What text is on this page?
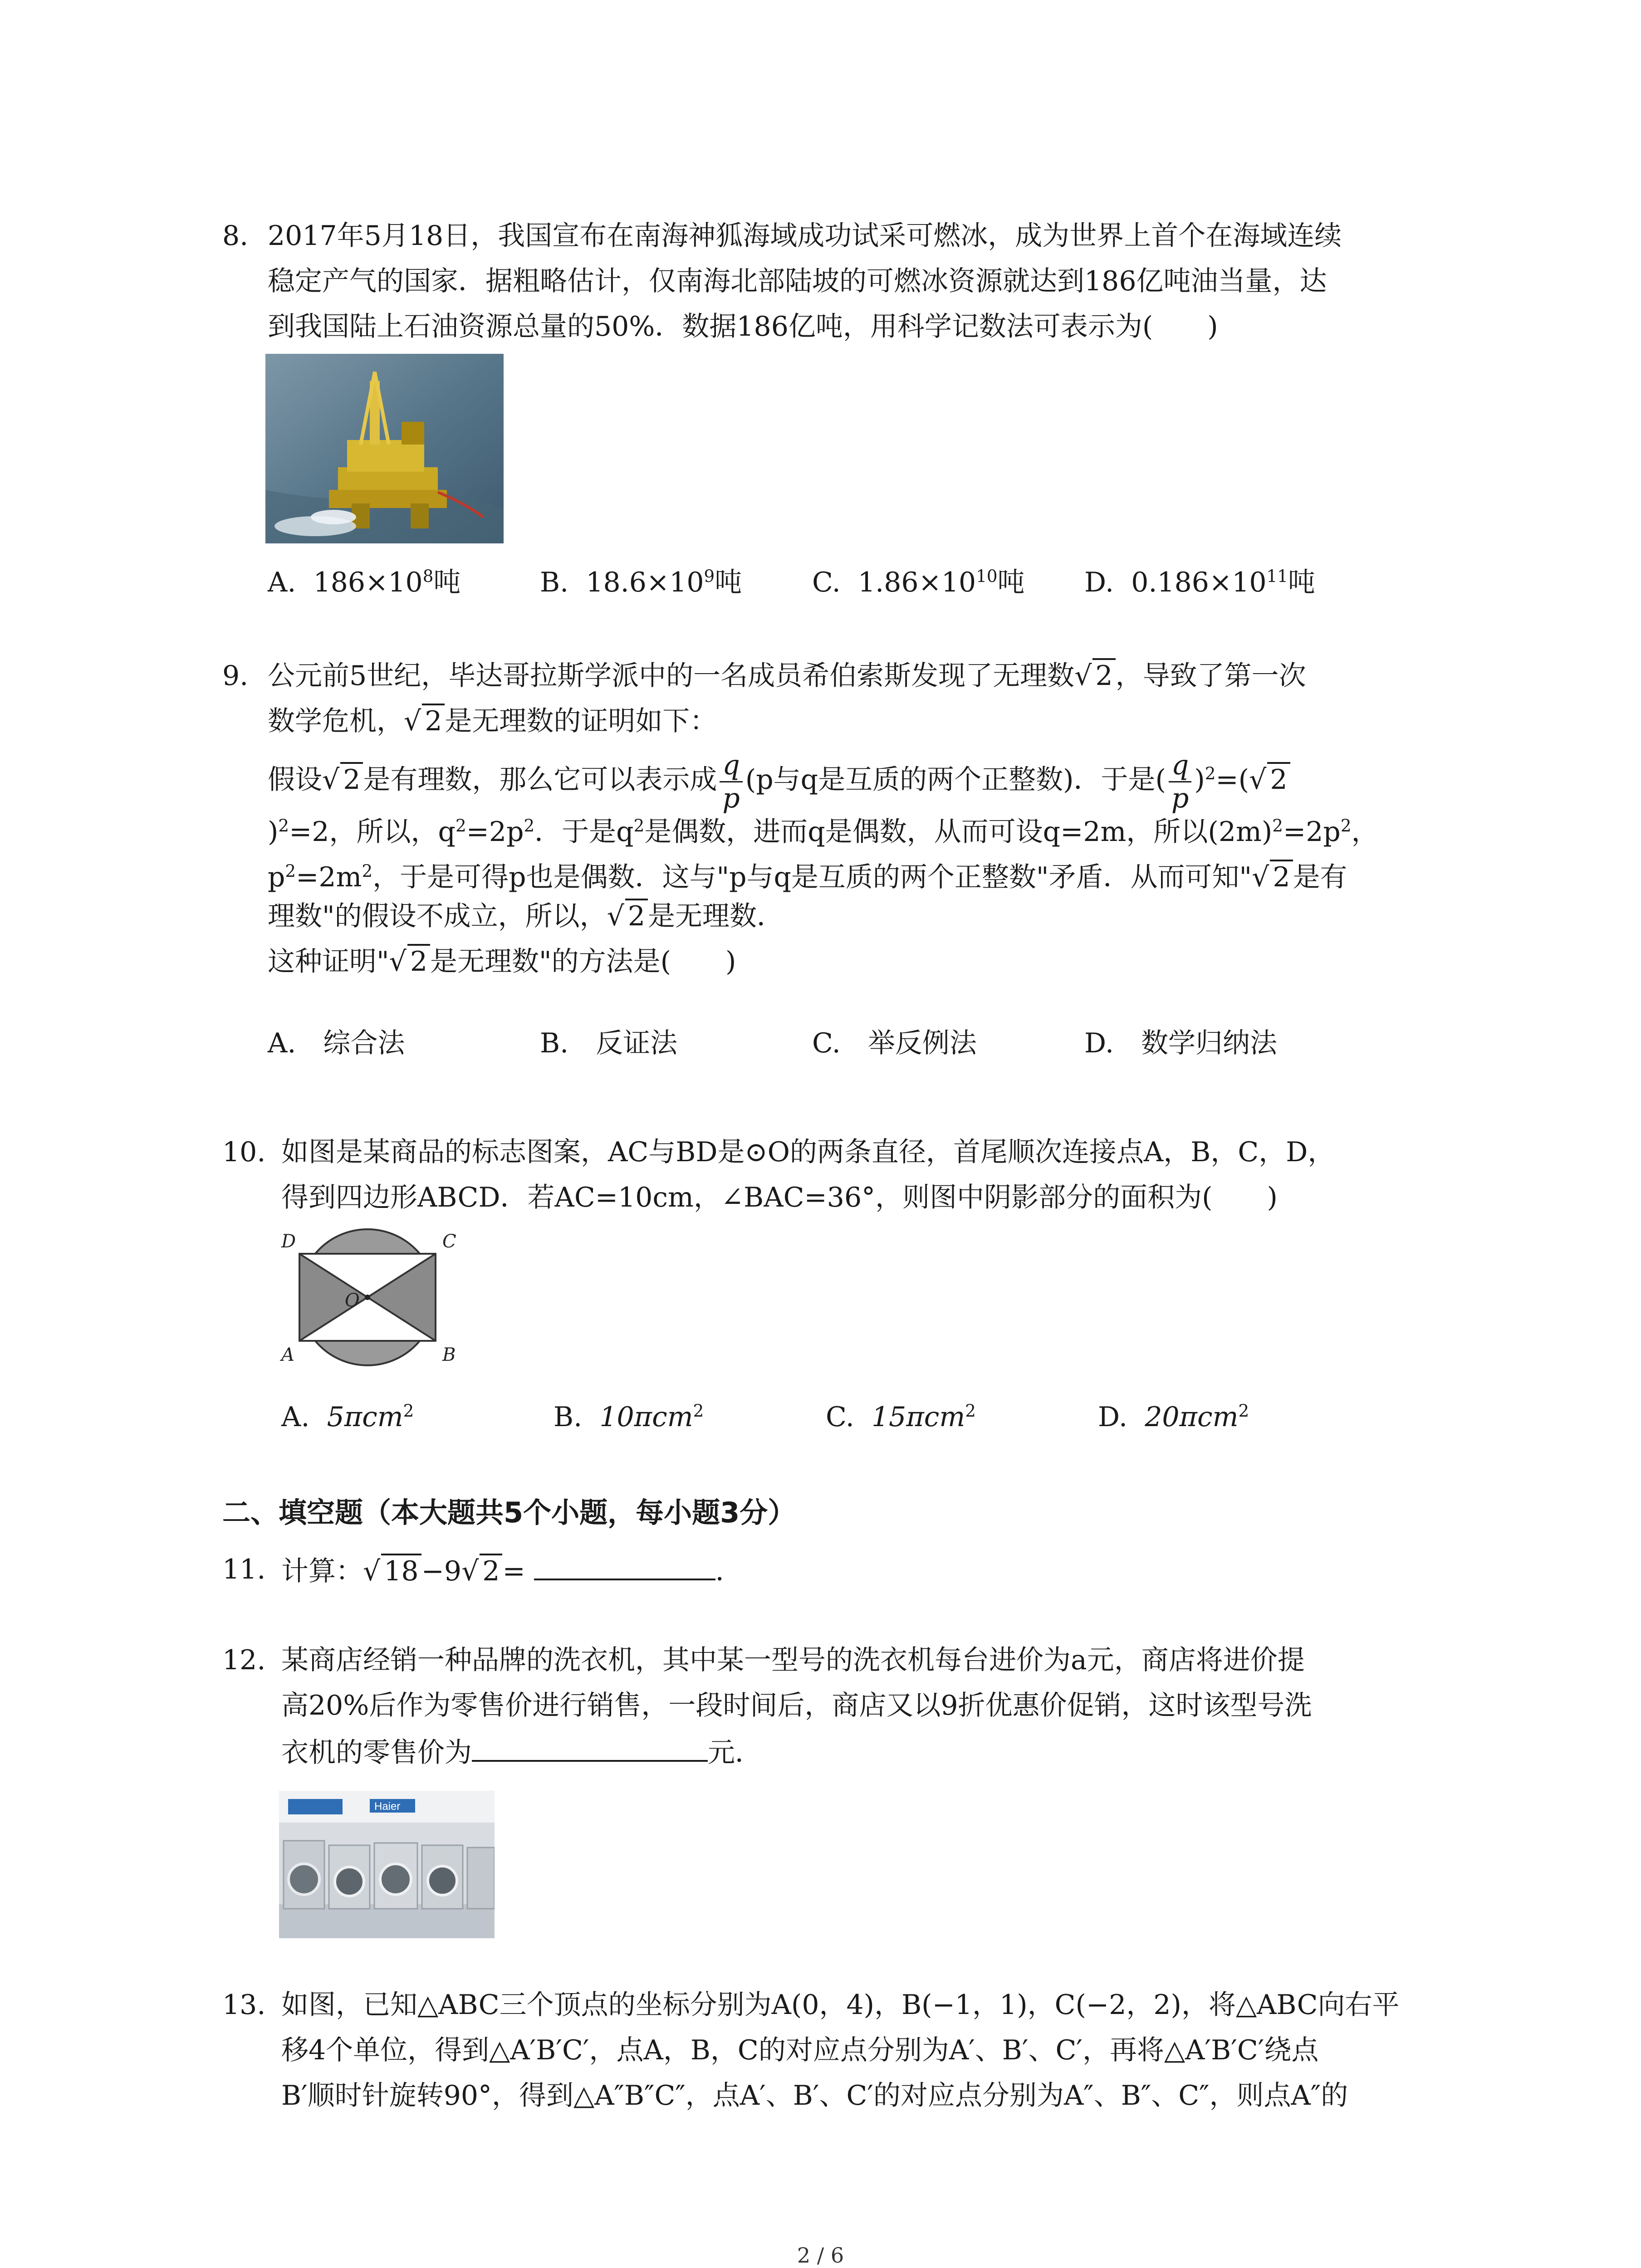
8. 2017年5月18日，我国宣布在南海神狐海域成功试采可燃冰，成为世界上首个在海域连续
稳定产气的国家．据粗略估计，仅南海北部陆坡的可燃冰资源就达到186亿吨油当量，达
到我国陆上石油资源总量的50%．数据186亿吨，用科学记数法可表示为(　　)
A. $186\times 10^8$吨	B. $18.6\times 10^9$吨	C. $1.86\times 10^{10}$吨 D. $0.186\times 10^{11}$吨
9. 公元前5世纪，毕达哥拉斯学派中的一名成员希伯索斯发现了无理数√ 2 ，导致了第一次
数学危机，√ 2 是无理数的证明如下：
假设√ 2 是有理数，那么它可以表示成 $\frac{q}{p} (p$与q是互质的两个正整数)．于是( $\frac{q}{p} )^2=(√$ 2
)$^2$=2，所以，$q^2=2p^2$．于是$q^2$是偶数，进而q是偶数，从而可设q=2m，所以$(2m)^2=2p^2$，
$p^2=2m^2$，于是可得p也是偶数．这与"p与q是互质的两个正整数"矛盾．从而可知"√ 2 是有
理数"的假设不成立，所以，√ 2 是无理数．
这种证明"√ 2 是无理数"的方法是(　　)
A.　综合法	B.　反证法	C.　举反例法	D.　数学归纳法
10. 如图是某商品的标志图案，AC与BD是⊙O的两条直径，首尾顺次连接点A，B，C，D，
得到四边形ABCD．若AC=10cm，∠BAC=36°，则图中阴影部分的面积为(　　)
D	C
A	B
O
A. 5πcm$^2$	B. 10πcm$^2$	C. 15πcm$^2$	D. 20πcm$^2$
二、填空题（本大题共5个小题，每小题3分）
11. 计算：√ 18 −9√ 2 =	．
12. 某商店经销一种品牌的洗衣机，其中某一型号的洗衣机每台进价为a元，商店将进价提
高20%后作为零售价进行销售，一段时间后，商店又以9折优惠价促销，这时该型号洗
衣机的零售价为	元．
Haier
13. 如图，已知△ABC三个顶点的坐标分别为A(0，4)，B(−1，1)，C(−2，2)，将△ABC向右平
移4个单位，得到△A′B′C′，点A，B，C的对应点分别为A′、B′、C′，再将△A′B′C′绕点
B′顺时针旋转90°，得到△A″B″C″，点A′、B′、C′的对应点分别为A″、B″、C″，则点A″的
2 / 6
